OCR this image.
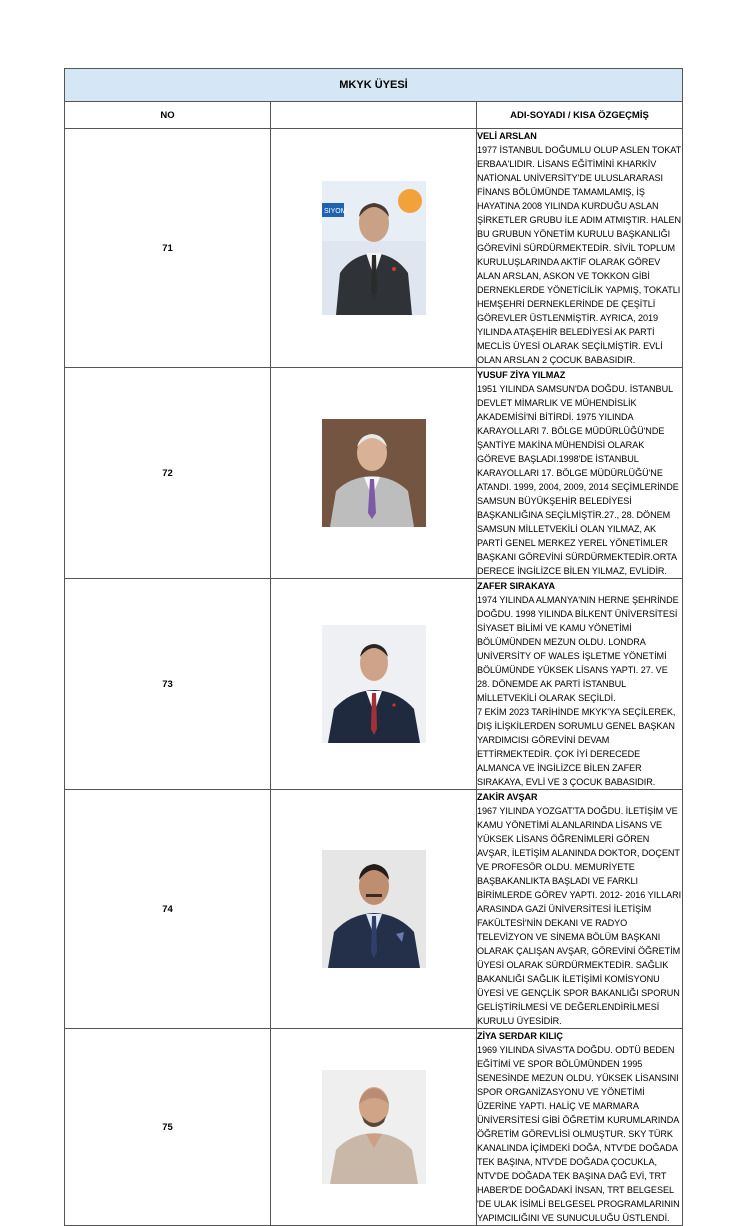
MKYK ÜYESİ		
NO		ADI-SOYADI / KISA ÖZGEÇMİŞ
71	SIYOM	VELİ ARSLAN
1977 İSTANBUL DOĞUMLU OLUP ASLEN TOKAT ERBAA'LIDIR. LİSANS EĞİTİMİNİ KHARKİV NATİONAL UNİVERSİTY'DE ULUSLARARASI FİNANS BÖLÜMÜNDE TAMAMLAMIŞ, İŞ HAYATINA 2008 YILINDA KURDUĞU ASLAN ŞİRKETLER GRUBU İLE ADIM ATMIŞTIR. HALEN BU GRUBUN YÖNETİM KURULU BAŞKANLIĞI GÖREVİNİ SÜRDÜRMEKTEDİR. SİVİL TOPLUM KURULUŞLARINDA AKTİF OLARAK GÖREV ALAN ARSLAN, ASKON VE TOKKON GİBİ DERNEKLERDE YÖNETİCİLİK YAPMIŞ, TOKATLI HEMŞEHRİ DERNEKLERİNDE DE ÇEŞİTLİ GÖREVLER ÜSTLENMİŞTİR. AYRICA, 2019 YILINDA ATAŞEHİR BELEDİYESİ AK PARTİ MECLİS ÜYESİ OLARAK SEÇİLMİŞTİR. EVLİ OLAN ARSLAN 2 ÇOCUK BABASIDIR.

72		YUSUF ZİYA YILMAZ
1951 YILINDA SAMSUN'DA DOĞDU. İSTANBUL DEVLET MİMARLIK VE MÜHENDİSLİK AKADEMİSİ'Nİ BİTİRDİ. 1975 YILINDA KARAYOLLARI 7. BÖLGE MÜDÜRLÜĞÜ'NDE ŞANTİYE MAKİNA MÜHENDİSİ OLARAK GÖREVE BAŞLADI.1998'DE İSTANBUL KARAYOLLARI 17. BÖLGE MÜDÜRLÜĞÜ'NE ATANDI. 1999, 2004, 2009, 2014 SEÇİMLERİNDE SAMSUN BÜYÜKŞEHİR BELEDİYESİ BAŞKANLIĞINA SEÇİLMİŞTİR.27., 28. DÖNEM SAMSUN MİLLETVEKİLİ OLAN YILMAZ, AK PARTİ GENEL MERKEZ YEREL YÖNETİMLER BAŞKANI GÖREVİNİ SÜRDÜRMEKTEDİR.ORTA DERECE İNGİLİZCE BİLEN YILMAZ, EVLİDİR.

73		ZAFER SIRAKAYA
1974 YILINDA ALMANYA'NIN HERNE ŞEHRİNDE DOĞDU. 1998 YILINDA BİLKENT ÜNİVERSİTESİ SİYASET BİLİMİ VE KAMU YÖNETİMİ BÖLÜMÜNDEN MEZUN OLDU. LONDRA UNİVERSİTY OF WALES İŞLETME YÖNETİMİ BÖLÜMÜNDE YÜKSEK LİSANS YAPTI. 27. VE 28. DÖNEMDE AK PARTİ İSTANBUL MİLLETVEKİLİ OLARAK SEÇİLDİ.
7 EKİM 2023 TARİHİNDE MKYK'YA SEÇİLEREK, DIŞ İLİŞKİLERDEN SORUMLU GENEL BAŞKAN YARDIMCISI GÖREVİNİ DEVAM ETTİRMEKTEDİR. ÇOK İYİ DERECEDE ALMANCA VE İNGİLİZCE BİLEN ZAFER SIRAKAYA, EVLİ VE 3 ÇOCUK BABASIDIR.

74		ZAKİR AVŞAR
1967 YILINDA YOZGAT'TA DOĞDU. İLETİŞİM VE KAMU YÖNETİMİ ALANLARINDA LİSANS VE YÜKSEK LİSANS ÖĞRENİMLERİ GÖREN AVŞAR, İLETİŞİM ALANINDA DOKTOR, DOÇENT VE PROFESÖR OLDU. MEMURİYETE BAŞBAKANLIKTA BAŞLADI VE FARKLI BİRİMLERDE GÖREV YAPTI. 2012- 2016 YILLARI ARASINDA GAZİ ÜNİVERSİTESİ İLETİŞİM FAKÜLTESİ'NİN DEKANI VE RADYO TELEVİZYON VE SİNEMA BÖLÜM BAŞKANI OLARAK ÇALIŞAN AVŞAR, GÖREVİNİ ÖĞRETİM ÜYESİ OLARAK SÜRDÜRMEKTEDİR. SAĞLIK BAKANLIĞI SAĞLIK İLETİŞİMİ KOMİSYONU ÜYESİ VE GENÇLİK SPOR BAKANLIĞI SPORUN GELİŞTİRİLMESİ VE DEĞERLENDİRİLMESİ KURULU ÜYESİDİR.

75		ZİYA SERDAR KILIÇ
1969 YILINDA SİVAS'TA DOĞDU. ODTÜ BEDEN EĞİTİMİ VE SPOR BÖLÜMÜNDEN 1995 SENESİNDE MEZUN OLDU. YÜKSEK LİSANSINI SPOR ORGANİZASYONU VE YÖNETİMİ ÜZERİNE YAPTI. HALİÇ VE MARMARA ÜNİVERSİTESİ GİBİ ÖĞRETİM KURUMLARINDA ÖĞRETİM GÖREVLİSİ OLMUŞTUR. SKY TÜRK KANALINDA İÇİMDEKİ DOĞA, NTV'DE DOĞADA TEK BAŞINA, NTV'DE DOĞADA ÇOCUKLA, NTV'DE DOĞADA TEK BAŞINA DAĞ EVİ, TRT HABER'DE DOĞADAKİ İNSAN, TRT BELGESEL 'DE ULAK İSİMLİ BELGESEL PROGRAMLARININ YAPIMCILIĞINI VE SUNUCULUĞU ÜSTLENDİ.
